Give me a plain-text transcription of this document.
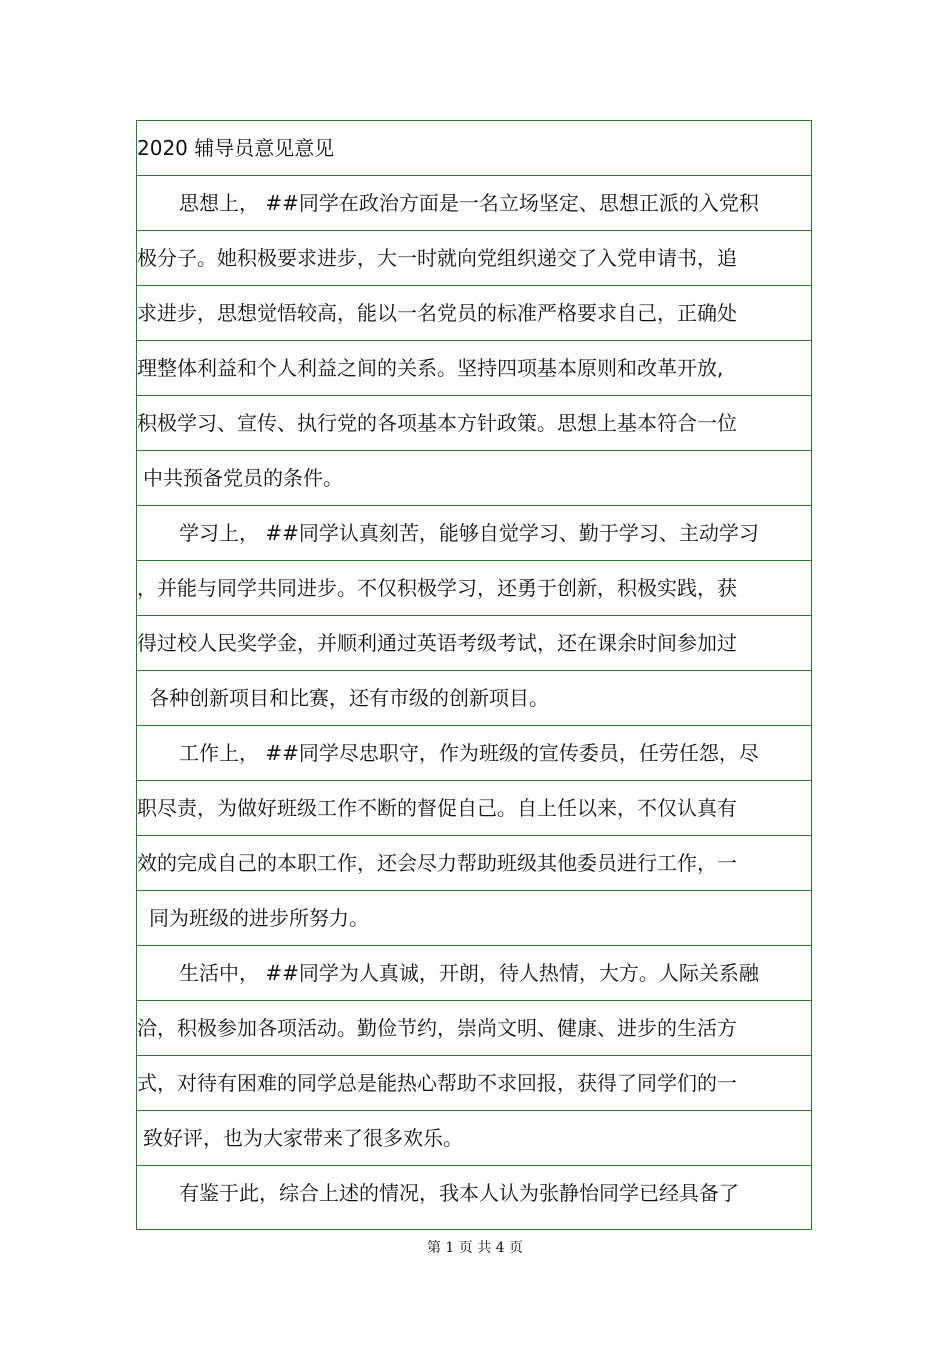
2020 辅导员意见意见
思想上， ##同学在政治方面是一名立场坚定、思想正派的入党积
极分子。她积极要求进步，大一时就向党组织递交了入党申请书，追
求进步，思想觉悟较高，能以一名党员的标准严格要求自己，正确处
理整体利益和个人利益之间的关系。坚持四项基本原则和改革开放,
积极学习、宣传、执行党的各项基本方针政策。思想上基本符合一位
中共预备党员的条件。
学习上， ##同学认真刻苦，能够自觉学习、勤于学习、主动学习
，并能与同学共同进步。不仅积极学习，还勇于创新，积极实践，获
得过校人民奖学金，并顺利通过英语考级考试，还在课余时间参加过
各种创新项目和比赛，还有市级的创新项目。
工作上， ##同学尽忠职守，作为班级的宣传委员，任劳任怨，尽
职尽责，为做好班级工作不断的督促自己。自上任以来，不仅认真有
效的完成自己的本职工作，还会尽力帮助班级其他委员进行工作，一
同为班级的进步所努力。
生活中， ##同学为人真诚，开朗，待人热情，大方。人际关系融
洽，积极参加各项活动。勤俭节约，崇尚文明、健康、进步的生活方
式，对待有困难的同学总是能热心帮助不求回报，获得了同学们的一
致好评，也为大家带来了很多欢乐。
有鉴于此，综合上述的情况，我本人认为张静怡同学已经具备了
第 1 页 共 4 页
